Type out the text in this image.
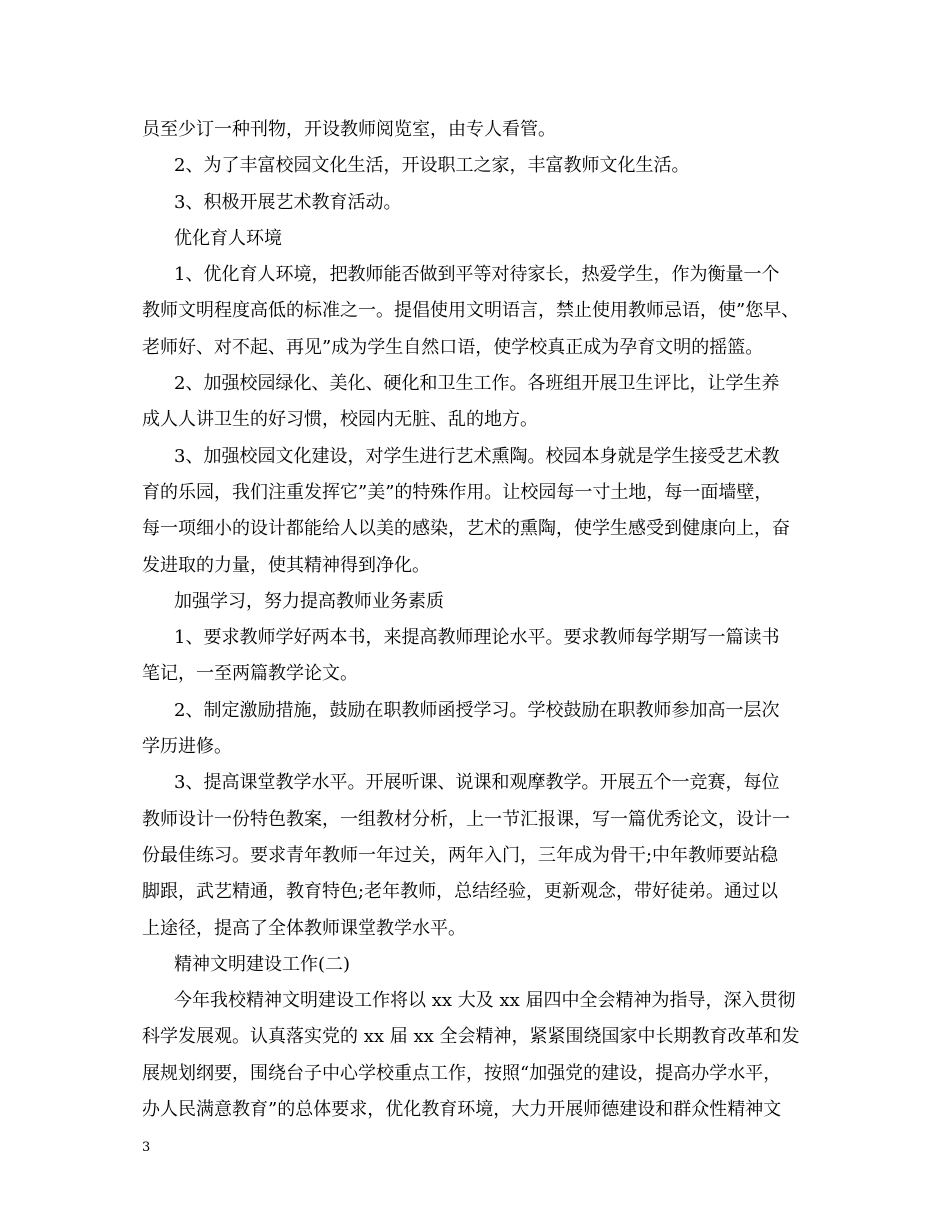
员至少订一种刊物，开设教师阅览室，由专人看管。
2、为了丰富校园文化生活，开设职工之家，丰富教师文化生活。
3、积极开展艺术教育活动。
优化育人环境
1、优化育人环境，把教师能否做到平等对待家长，热爱学生，作为衡量一个
教师文明程度高低的标准之一。提倡使用文明语言，禁止使用教师忌语，使”您早、
老师好、对不起、再见”成为学生自然口语，使学校真正成为孕育文明的摇篮。
2、加强校园绿化、美化、硬化和卫生工作。各班组开展卫生评比，让学生养
成人人讲卫生的好习惯，校园内无脏、乱的地方。
3、加强校园文化建设，对学生进行艺术熏陶。校园本身就是学生接受艺术教
育的乐园，我们注重发挥它”美”的特殊作用。让校园每一寸土地，每一面墙壁，
每一项细小的设计都能给人以美的感染，艺术的熏陶，使学生感受到健康向上，奋
发进取的力量，使其精神得到净化。
加强学习，努力提高教师业务素质
1、要求教师学好两本书，来提高教师理论水平。要求教师每学期写一篇读书
笔记，一至两篇教学论文。
2、制定激励措施，鼓励在职教师函授学习。学校鼓励在职教师参加高一层次
学历进修。
3、提高课堂教学水平。开展听课、说课和观摩教学。开展五个一竞赛，每位
教师设计一份特色教案，一组教材分析，上一节汇报课，写一篇优秀论文，设计一
份最佳练习。要求青年教师一年过关，两年入门，三年成为骨干;中年教师要站稳
脚跟，武艺精通，教育特色;老年教师，总结经验，更新观念，带好徒弟。通过以
上途径，提高了全体教师课堂教学水平。
精神文明建设工作(二)
今年我校精神文明建设工作将以 xx 大及 xx 届四中全会精神为指导，深入贯彻
科学发展观。认真落实党的 xx 届 xx 全会精神，紧紧围绕国家中长期教育改革和发
展规划纲要，围绕台子中心学校重点工作，按照“加强党的建设，提高办学水平，
办人民满意教育”的总体要求，优化教育环境，大力开展师德建设和群众性精神文
3
